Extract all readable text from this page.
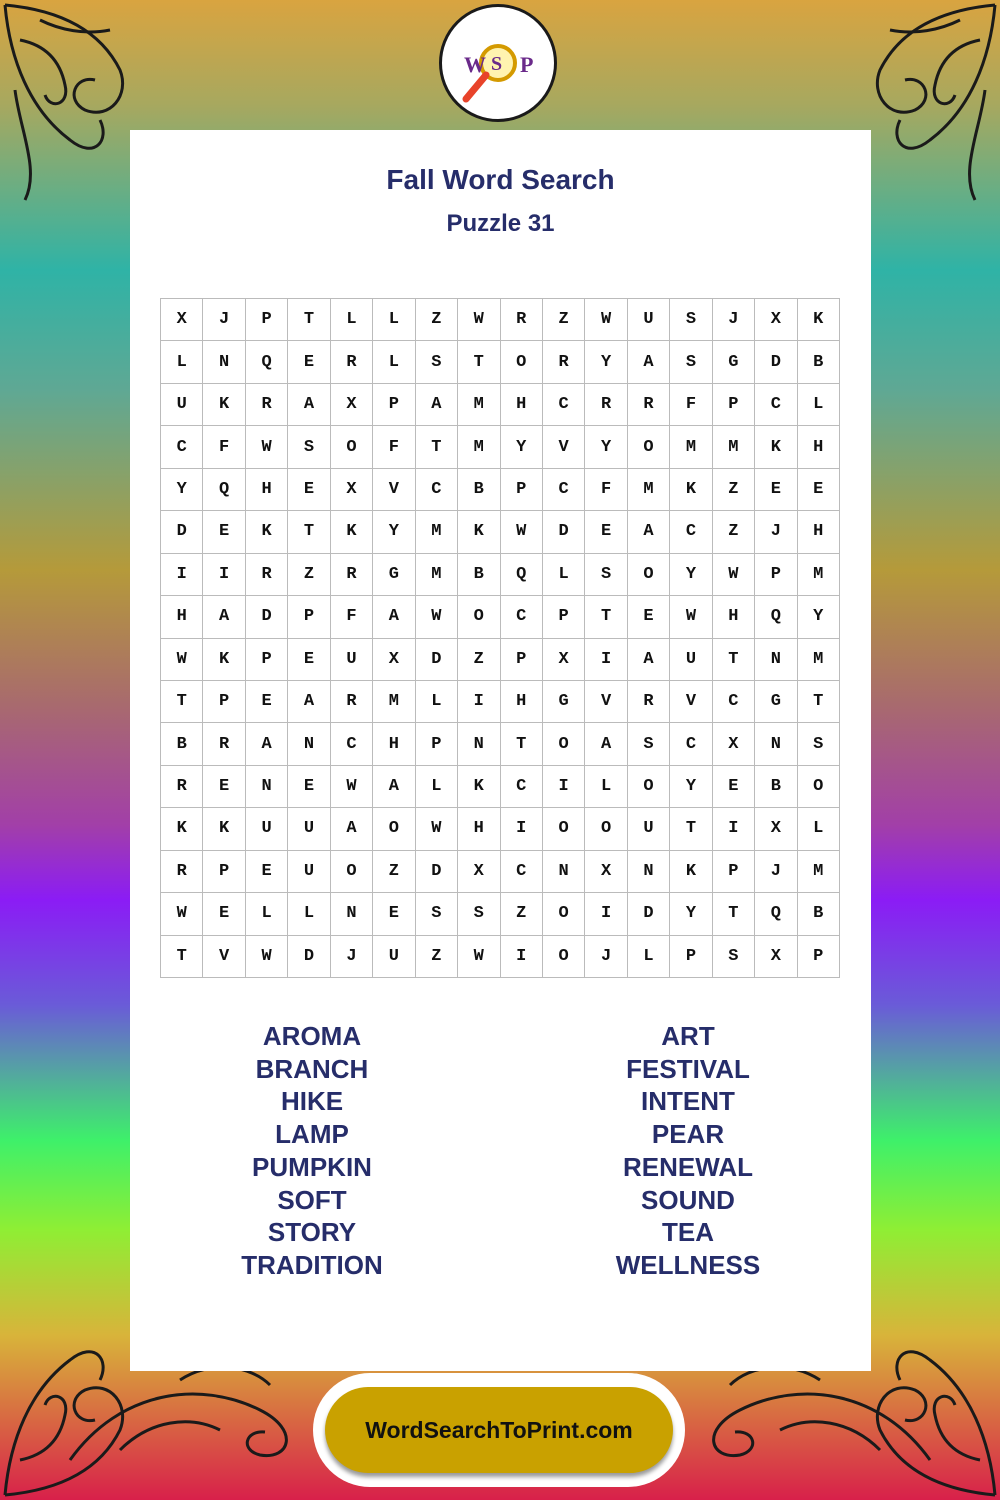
W S P
Fall Word Search
Puzzle 31
X	J	P	T	L	L	Z	W	R	Z	W	U	S	J	X	K
L	N	Q	E	R	L	S	T	O	R	Y	A	S	G	D	B
U	K	R	A	X	P	A	M	H	C	R	R	F	P	C	L
C	F	W	S	O	F	T	M	Y	V	Y	O	M	M	K	H
Y	Q	H	E	X	V	C	B	P	C	F	M	K	Z	E	E
D	E	K	T	K	Y	M	K	W	D	E	A	C	Z	J	H
I	I	R	Z	R	G	M	B	Q	L	S	O	Y	W	P	M
H	A	D	P	F	A	W	O	C	P	T	E	W	H	Q	Y
W	K	P	E	U	X	D	Z	P	X	I	A	U	T	N	M
T	P	E	A	R	M	L	I	H	G	V	R	V	C	G	T
B	R	A	N	C	H	P	N	T	O	A	S	C	X	N	S
R	E	N	E	W	A	L	K	C	I	L	O	Y	E	B	O
K	K	U	U	A	O	W	H	I	O	O	U	T	I	X	L
R	P	E	U	O	Z	D	X	C	N	X	N	K	P	J	M
W	E	L	L	N	E	S	S	Z	O	I	D	Y	T	Q	B
T	V	W	D	J	U	Z	W	I	O	J	L	P	S	X	P
AROMA
BRANCH
HIKE
LAMP
PUMPKIN
SOFT
STORY
TRADITION
ART
FESTIVAL
INTENT
PEAR
RENEWAL
SOUND
TEA
WELLNESS
WordSearchToPrint.com
